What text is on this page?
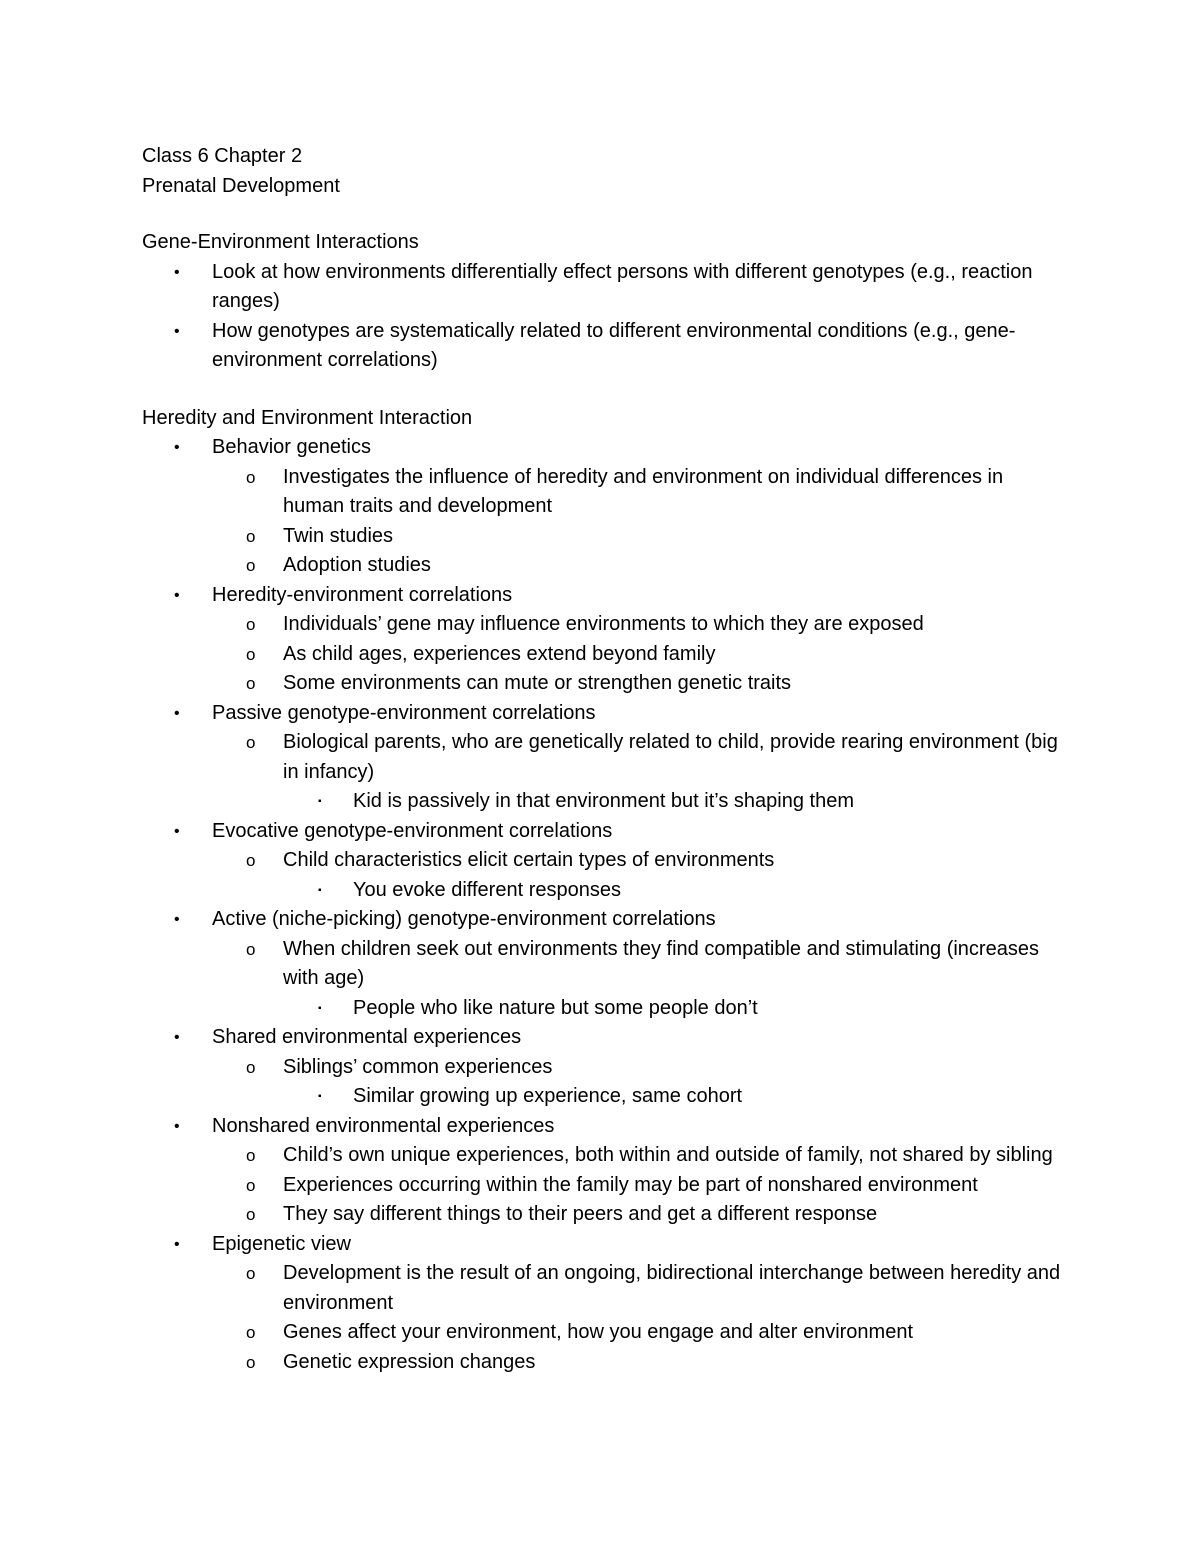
Class 6 Chapter 2

Prenatal Development

Gene-Environment Interactions

• Look at how environments differentially effect persons with different genotypes (e.g., reaction ranges)
• How genotypes are systematically related to different environmental conditions (e.g., gene-environment correlations)

Heredity and Environment Interaction

• Behavior genetics
o Investigates the influence of heredity and environment on individual differences in human traits and development
o Twin studies
o Adoption studies
• Heredity-environment correlations
o Individuals’ gene may influence environments to which they are exposed
o As child ages, experiences extend beyond family
o Some environments can mute or strengthen genetic traits
• Passive genotype-environment correlations
o Biological parents, who are genetically related to child, provide rearing environment (big in infancy)
▪ Kid is passively in that environment but it’s shaping them
• Evocative genotype-environment correlations
o Child characteristics elicit certain types of environments
▪ You evoke different responses
• Active (niche-picking) genotype-environment correlations
o When children seek out environments they find compatible and stimulating (increases with age)
▪ People who like nature but some people don’t
• Shared environmental experiences
o Siblings’ common experiences
▪ Similar growing up experience, same cohort
• Nonshared environmental experiences
o Child’s own unique experiences, both within and outside of family, not shared by sibling
o Experiences occurring within the family may be part of nonshared environment
o They say different things to their peers and get a different response
• Epigenetic view
o Development is the result of an ongoing, bidirectional interchange between heredity and environment
o Genes affect your environment, how you engage and alter environment
o Genetic expression changes
